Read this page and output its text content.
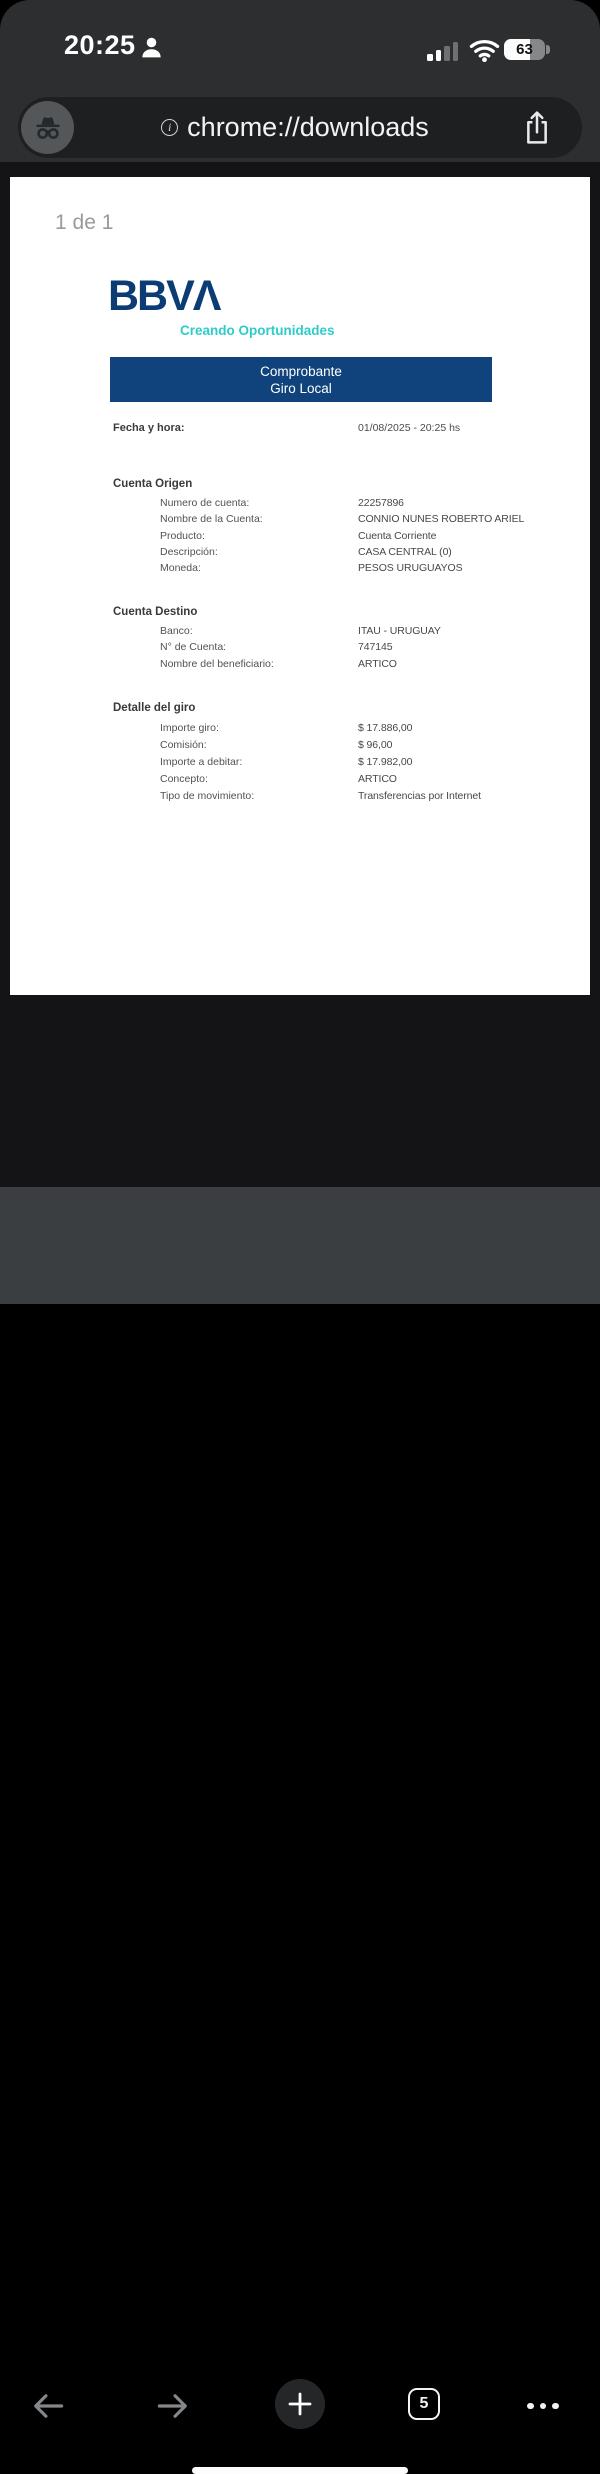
20:25	63
i chrome://downloads
1 de 1
BBVΛ
Creando Oportunidades
Comprobante
Giro Local
Fecha y hora:	01/08/2025 - 20:25 hs
Cuenta Origen
Numero de cuenta:	22257896
Nombre de la Cuenta:	CONNIO NUNES ROBERTO ARIEL
Producto:	Cuenta Corriente
Descripción:	CASA CENTRAL (0)
Moneda:	PESOS URUGUAYOS
Cuenta Destino
Banco:	ITAU - URUGUAY
N° de Cuenta:	747145
Nombre del beneficiario:	ARTICO
Detalle del giro
Importe giro:	$ 17.886,00
Comisión:	$ 96,00
Importe a debitar:	$ 17.982,00
Concepto:	ARTICO
Tipo de movimiento:	Transferencias por Internet
5
